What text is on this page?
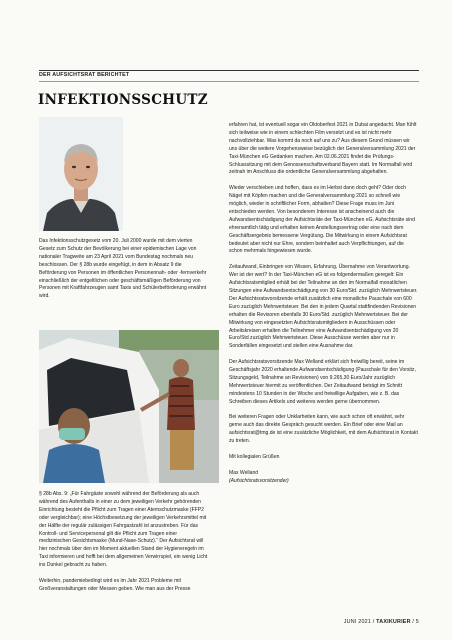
DER AUFSICHTSRAT BERICHTET
INFEKTIONSSCHUTZ

Das Infektionsschutzgesetz vom 20. Juli 2000 wurde mit dem vierten Gesetz zum Schutz der Bevölkerung bei einer epidemischen Lage von nationaler Tragweite am 23 April 2021 vom Bundestag nochmals neu beschlossen. Der § 28b wurde eingefügt, in dem in Absatz 9 die Beförderung von Personen im öffentlichen Personennah- oder -fernverkehr einschließlich der entgeltlichen oder geschäftsmäßigen Beförderung von Personen mit Kraftfahrzeugen samt Taxis und Schülerbeförderung erwähnt wird.

§ 28b Abs. 9: „Für Fahrgäste sowohl während der Beförderung als auch während des Aufenthalts in einer zu dem jeweiligen Verkehr gehörenden Einrichtung besteht die Pflicht zum Tragen einer Atemschutzmaske (FFP2 oder vergleichbar); eine Höchstbesetzung der jeweiligen Verkehrsmittel mit der Hälfte der regulär zulässigen Fahrgastzahl ist anzustreben. Für das Kontroll- und Servicepersonal gilt die Pflicht zum Tragen einer medizinischen Gesichtsmaske (Mund-Nase-Schutz).“ Der Aufsichtsrat will hier nochmals über den im Moment aktuellen Stand der Hygieneregeln im Taxi informieren und hofft bei dem allgemeinen Verwirrspiel, ein wenig Licht ins Dunkel gebracht zu haben.

Weiterhin, pandemiebedingt wird es im Jahr 2021 Probleme mit Großveranstaltungen oder Messen geben. Wie man aus der Presse

erfahren hat, ist eventuell sogar ein Oktoberfest 2021 in Dubai angedacht. Man fühlt sich teilweise wie in einem schlechten Film versetzt und es ist nicht mehr nachvollziehbar. Was kommt da noch auf uns zu? Aus diesem Grund müssen wir uns über die weitere Vorgehensweise bezüglich der Generalversammlung 2021 der Taxi-München eG Gedanken machen. Am 02.06.2021 findet die Prüfungs-Schlusssitzung mit dem Genossenschaftsverband Bayern statt. Im Normalfall wird zeitnah im Anschluss die ordentliche Generalversammlung abgehalten.

Wieder verschieben und hoffen, dass es im Herbst dann doch geht? Oder doch Nägel mit Köpfen machen und die Generalversammlung 2021 so schnell wie möglich, wieder in schriftlicher Form, abhalten? Diese Frage muss im Juni entschieden werden. Von besonderem Interesse ist anscheinend auch die Aufwandsentschädigung der Aufsichtsräte der Taxi-München eG. Aufsichtsräte sind ehrenamtlich tätig und erhalten keinen Anstellungsvertrag oder eine nach dem Geschäftsergebnis bemessene Vergütung. Die Mitwirkung in einem Aufsichtsrat bedeutet aber nicht nur Ehre, sondern beinhaltet auch Verpflichtungen, auf die schon mehrmals hingewiesen wurde.

Zeitaufwand, Einbringen von Wissen, Erfahrung, Übernahme von Verantwortung. Wer ist der wert? In der Taxi-München eG ist es folgendermaßen geregelt: Ein Aufsichtsratsmitglied erhält bei der Teilnahme an den im Normalfall monatlichen Sitzungen eine Aufwandsentschädigung von 30 Euro/Std. zuzüglich Mehrwertsteuer. Der Aufsichtsratsvorsitzende erhält zusätzlich eine monatliche Pauschale von 600 Euro zuzüglich Mehrwertsteuer. Bei den in jedem Quartal stattfindenden Revisionen erhalten die Revisoren ebenfalls 30 Euro/Std. zuzüglich Mehrwertsteuer. Bei der Mitwirkung von eingesetzten Aufsichtsratsmitgliedern in Ausschüssen oder Arbeitskreisen erhalten die Teilnehmer eine Aufwandsentschädigung von 20 Euro/Std zuzüglich Mehrwertsteuer. Diese Ausschüsse werden aber nur in Sonderfällen eingesetzt und stellen eine Ausnahme dar.

Der Aufsichtsratsvorsitzende Max Welland erklärt sich freiwillig bereit, seine im Geschäftsjahr 2020 erhaltende Aufwandsentschädigung (Pauschale für den Vorsitz, Sitzungsgeld, Teilnahme an Revisionen) von 9.265,30 Euro/Jahr zuzüglich Mehrwertsteuer hiermit zu veröffentlichen. Der Zeitaufwand beträgt im Schnitt mindestens 10 Stunden in der Woche und freiwillige Aufgaben, wie z. B. das Schreiben dieses Artikels und weiteres werden gerne übernommen.

Bei weiteren Fragen oder Unklarheiten kann, wie auch schon oft erwähnt, sehr gerne auch das direkte Gespräch gesucht werden. Ein Brief oder eine Mail an aufsichtsrat@tmg.de ist eine zusätzliche Möglichkeit, mit dem Aufsichtsrat in Kontakt zu treten.

Mit kollegialen Grüßen

Max Welland

(Aufsichtsratsvorsitzender)

JUNI 2021 / TAXIKURIER / 5
